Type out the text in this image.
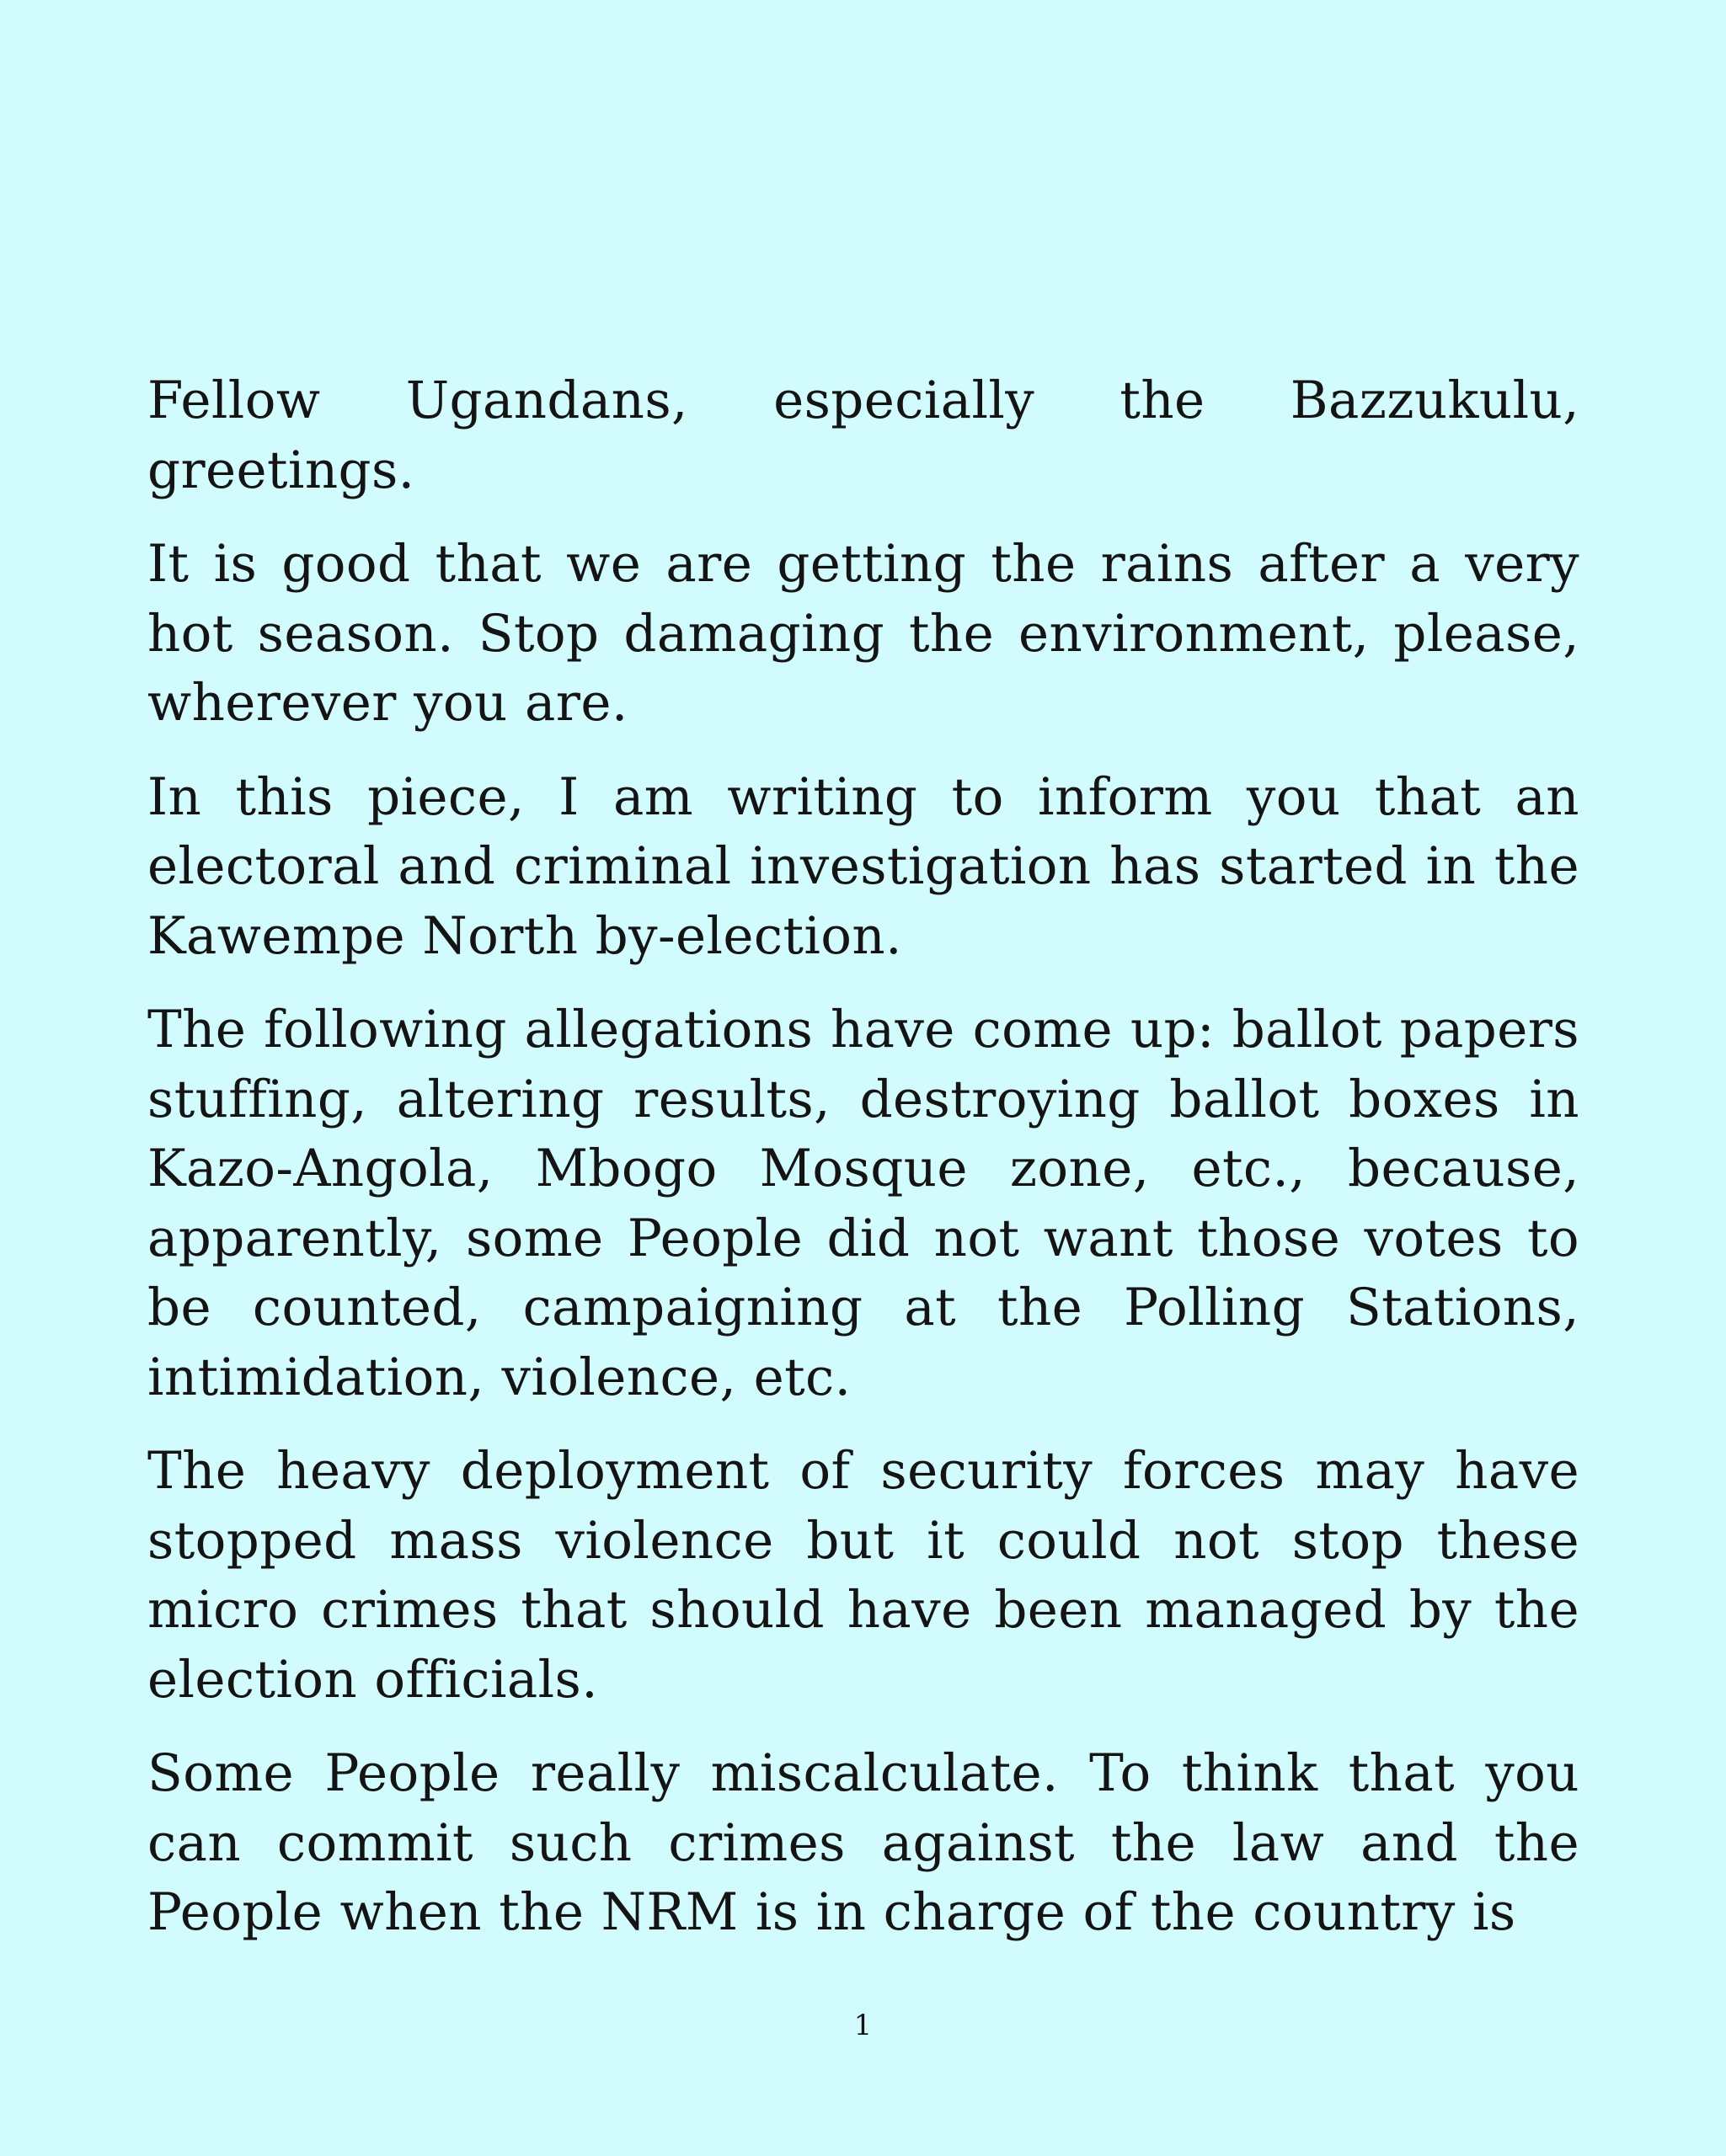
Fellow Ugandans, especially the Bazzukulu, greetings.

It is good that we are getting the rains after a very hot season. Stop damaging the environment, please, wherever you are.

In this piece, I am writing to inform you that an electoral and criminal investigation has started in the Kawempe North by-election.

The following allegations have come up: ballot papers stuffing, altering results, destroying ballot boxes in Kazo-Angola, Mbogo Mosque zone, etc., because, apparently, some People did not want those votes to be counted, campaigning at the Polling Stations, intimidation, violence, etc.

The heavy deployment of security forces may have stopped mass violence but it could not stop these micro crimes that should have been managed by the election officials.

Some People really miscalculate. To think that you can commit such crimes against the law and the People when the NRM is in charge of the country is

1
